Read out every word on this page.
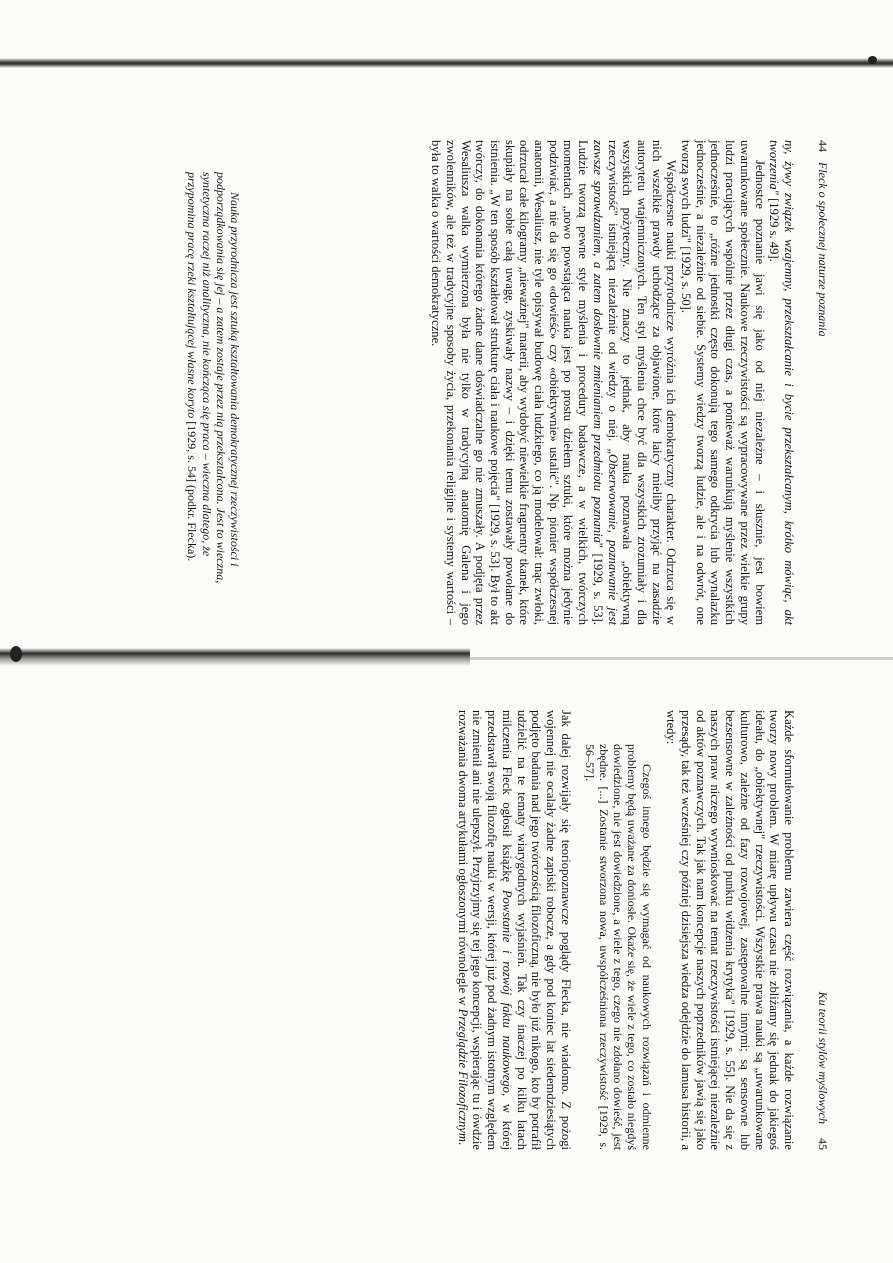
44
Fleck o społecznej naturze poznania

ny, żywy związek wzajemny, przekształcanie i bycie przekształcanym, krótko mówiąc, akt tworzenia" [1929 s. 49].

Jednostce poznanie jawi się jako od niej niezależne – i słusznie, jest bowiem uwarunkowane społecznie. Naukowe rzeczywistości są wypracowywane przez wielkie grupy ludzi pracujących wspólnie przez długi czas, a ponieważ warunkują myślenie wszystkich jednocześnie, to „różne jednostki często dokonują tego samego odkrycia lub wynalazku jednocześnie, a niezależnie od siebie. Systemy wiedzy tworzą ludzie, ale i na odwrót, one tworzą swych ludzi" [1929, s. 50].

Współczesne nauki przyrodnicze wyróżnia ich demokratyczny charakter. Odrzuca się w nich wszelkie prawdy uchodzące za objawione, które laicy mieliby przyjąć na zasadzie autorytetu wtajemniczonych. Ten styl myślenia chce być dla wszystkich zrozumiały i dla wszystkich pożyteczny. Nie znaczy to jednak, aby nauka poznawała „obiektywną rzeczywistość" istniejącą niezależnie od wiedzy o niej. „Obserwowanie, poznawanie jest zawsze sprawdzaniem, a zatem dosłownie zmienianiem przedmiotu poznania" [1929, s. 53]. Ludzie tworzą pewne style myślenia i procedury badawcze, a w wielkich, twórczych momentach „nowo powstająca nauka jest po prostu dziełem sztuki, które można jedynie podziwiać, a nie da się go «dowieść» czy «obiektywnie» ustalić". Np. pionier współczesnej anatomii, Wesaliusz, nie tyle opisywał budowę ciała ludzkiego, co ją modelował: tnąc zwłoki, odrzucał całe kilogramy „nieważnej" materii, aby wydobyć niewielkie fragmenty tkanek, które skupiały na sobie całą uwagę, zyskiwały nazwy – i dzięki temu zostawały powołane do istnienia. „W ten sposób kształtował strukturę ciała i naukowe pojęcia" [1929, s. 53]. Był to akt twórczy, do dokonania którego żadne dane doświadczalne go nie zmuszały. A podjęta przez Wesaliusza walka wymierzona była nie tylko w tradycyjną anatomię Galena i jego zwolenników, ale też w tradycyjne sposoby życia, przekonania religijne i systemy wartości – była to walka o wartości demokratyczne.

Nauka przyrodnicza jest sztuką kształtowania demokratycznej rzeczywistości i podporządkowania się jej – a zatem zostaje przez nią przekształcona. Jest to wieczna, syntetyczna raczej niż analityczna, nie kończąca się praca – wieczna dlatego, że przypomina pracę rzeki kształtującej własne koryto [1929, s. 54] (podkr. Flecka).

Ku teorii stylów myślowych
45

Każde sformułowanie problemu zawiera część rozwiązania, a każde rozwiązanie tworzy nowy problem. W miarę upływu czasu nie zbliżamy się jednak do jakiegoś ideału, do „obiektywnej" rzeczywistości. Wszystkie prawa nauki są „uwarunkowane kulturowo, zależne od fazy rozwojowej, zastępowalne innymi; są sensowne lub bezsensowne w zależności od punktu widzenia krytyka" [1929, s. 55]. Nie da się z naszych praw niczego wywnioskować na temat rzeczywistości istniejącej niezależnie od aktów poznawczych. Tak jak nam koncepcje naszych poprzedników jawią się jako przesądy, tak też wcześniej czy później dzisiejsza wiedza odejdzie do lamusa historii, a wtedy:

Czegoś innego będzie się wymagać od naukowych rozwiązań i odmienne problemy będą uważane za doniosłe. Okaże się, że wiele z tego, co zostało niegdyś dowiedzione, nie jest dowiedzione, a wiele z tego, czego nie zdołano dowieść, jest zbędne. [...] Zostanie stworzona nowa, uwspółcześniona rzeczywistość [1929, s. 56–57].

Jak dalej rozwijały się teoriopoznawcze poglądy Flecka, nie wiadomo. Z pożogi wojennej nie ocalały żadne zapiski robocze, a gdy pod koniec lat siedemdziesiątych podjęto badania nad jego twórczością filozoficzną, nie było już nikogo, kto by potrafił udzielić na te tematy wiarygodnych wyjaśnień. Tak czy inaczej po kilku latach milczenia Fleck ogłosił książkę Powstanie i rozwój faktu naukowego, w której przedstawił swoją filozofię nauki w wersji, której już pod żadnym istotnym względem nie zmienił ani nie ulepszył. Przyjrzyjmy się tej jego koncepcji, wspierając tu i ówdzie rozważania dwoma artykułami ogłoszonymi równolegle w Przeglądzie Filozoficznym.
